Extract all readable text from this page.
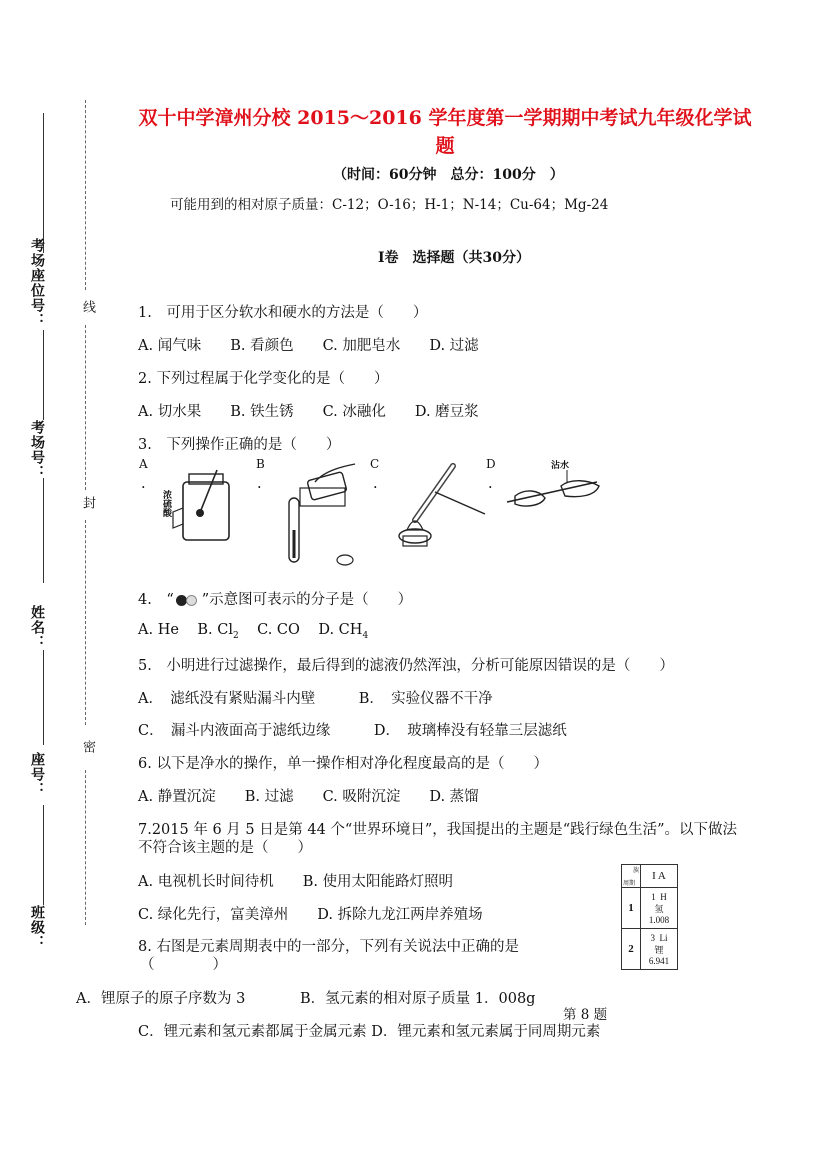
双十中学漳州分校 2015～2016 学年度第一学期期中考试九年级化学试
题
（时间：60分钟　总分：100分　）
可能用到的相对原子质量：C-12；O-16；H-1；N-14；Cu-64；Mg-24
Ⅰ卷　选择题（共30分）
考场座位号：
考场号：
姓名：
座号：
班级：
线
封
密
1.　可用于区分软水和硬水的方法是（　　）
A. 闻气味　　B. 看颜色　　C. 加肥皂水　　D. 过滤
2. 下列过程属于化学变化的是（　　）
A. 切水果　　B. 铁生锈　　C. 冰融化　　D. 磨豆浆
3.　下列操作正确的是（　　）
A	B	C	D
.	.	.	.
浓硫酸
沾水
4.　“ ”示意图可表示的分子是（　　）
A. He B. $Cl_2$ C. CO D. $CH_4$
5.　小明进行过滤操作，最后得到的滤液仍然浑浊，分析可能原因错误的是（　　）
A．　滤纸没有紧贴漏斗内壁　　　B．　实验仪器不干净
C．　漏斗内液面高于滤纸边缘　　　D．　玻璃棒没有轻靠三层滤纸
6. 以下是净水的操作，单一操作相对净化程度最高的是（　　）
A. 静置沉淀　　B. 过滤　　C. 吸附沉淀　　D. 蒸馏
7.2015 年 6 月 5 日是第 44 个“世界环境日”，我国提出的主题是“践行绿色生活”。以下做法
不符合该主题的是（　　）
A. 电视机长时间待机　　B. 使用太阳能路灯照明
C. 绿化先行，富美漳州　　D. 拆除九龙江两岸养殖场
8. 右图是元素周期表中的一部分，下列有关说法中正确的是
（　　　　）
A．锂原子的原子序数为 3	B．氢元素的相对原子质量 1．008g
第 8 题
C．锂元素和氢元素都属于金属元素 D．锂元素和氢元素属于同周期元素
族
周期	I A
1	1 H
氢
1.008

2	3 Li
锂
6.941
